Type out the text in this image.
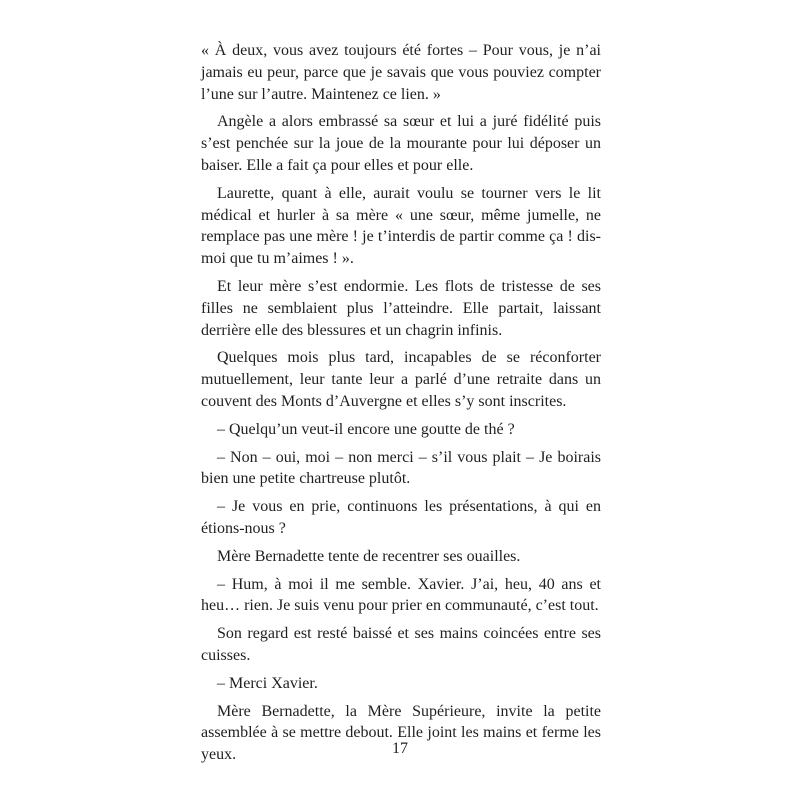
« À deux, vous avez toujours été fortes – Pour vous, je n’ai jamais eu peur, parce que je savais que vous pouviez compter l’une sur l’autre. Maintenez ce lien. »

Angèle a alors embrassé sa sœur et lui a juré fidélité puis s’est penchée sur la joue de la mourante pour lui déposer un baiser. Elle a fait ça pour elles et pour elle.

Laurette, quant à elle, aurait voulu se tourner vers le lit médical et hurler à sa mère « une sœur, même jumelle, ne remplace pas une mère ! je t’interdis de partir comme ça ! dis-moi que tu m’aimes ! ».

Et leur mère s’est endormie. Les flots de tristesse de ses filles ne semblaient plus l’atteindre. Elle partait, laissant derrière elle des blessures et un chagrin infinis.

Quelques mois plus tard, incapables de se réconforter mutuellement, leur tante leur a parlé d’une retraite dans un couvent des Monts d’Auvergne et elles s’y sont inscrites.

– Quelqu’un veut-il encore une goutte de thé ?

– Non – oui, moi – non merci – s’il vous plait – Je boirais bien une petite chartreuse plutôt.

– Je vous en prie, continuons les présentations, à qui en étions-nous ?

Mère Bernadette tente de recentrer ses ouailles.

– Hum, à moi il me semble. Xavier. J’ai, heu, 40 ans et heu… rien. Je suis venu pour prier en communauté, c’est tout.

Son regard est resté baissé et ses mains coincées entre ses cuisses.

– Merci Xavier.

Mère Bernadette, la Mère Supérieure, invite la petite assemblée à se mettre debout. Elle joint les mains et ferme les yeux.	17
